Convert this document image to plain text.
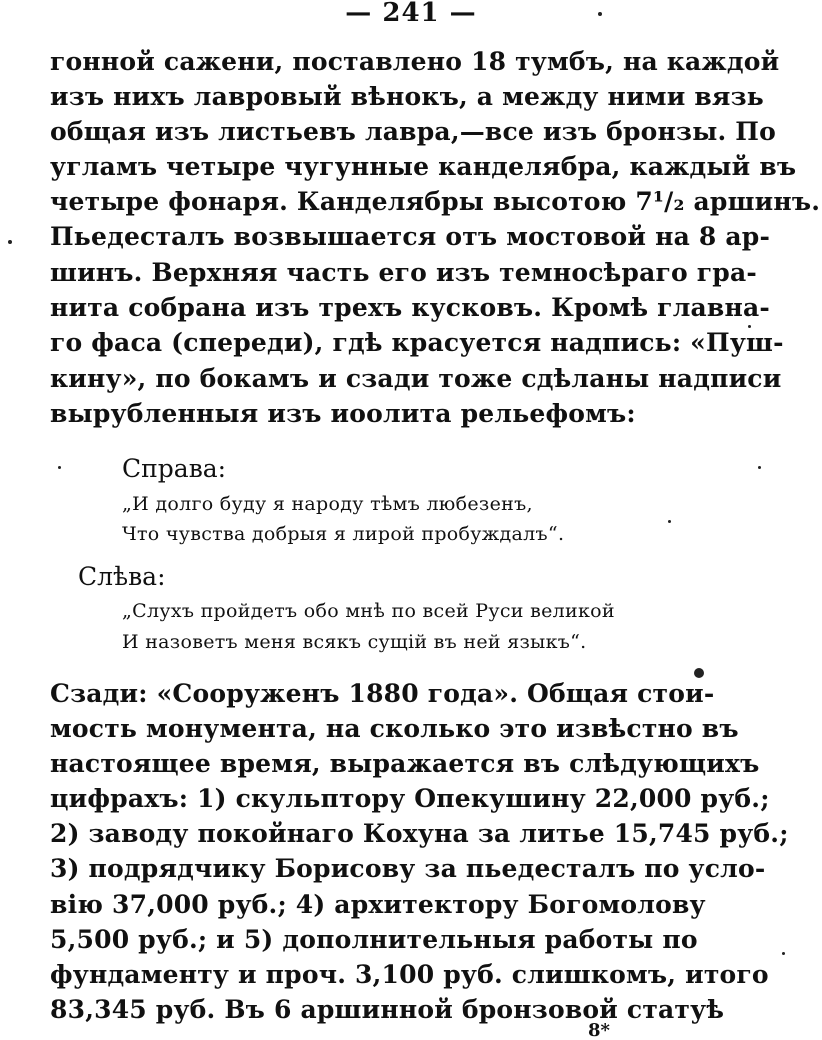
— 241 —
гонной сажени, поставлено 18 тумбъ, на каждой
изъ нихъ лавровый вѣнокъ, а между ними вязь
общая изъ листьевъ лавра,—все изъ бронзы. По
угламъ четыре чугунные канделябра, каждый въ
четыре фонаря. Канделябры высотою 7¹/₂ аршинъ.
Пьедесталъ возвышается отъ мостовой на 8 ар-
шинъ. Верхняя часть его изъ темносѣраго гра-
нита собрана изъ трехъ кусковъ. Кромѣ главна-
го фаса (спереди), гдѣ красуется надпись: «Пуш-
кину», по бокамъ и сзади тоже сдѣланы надписи
вырубленныя изъ иоолита рельефомъ:
Справа:
„И долго буду я народу тѣмъ любезенъ,
Что чувства добрыя я лирой пробуждалъ“.
Слѣва:
„Слухъ пройдетъ обо мнѣ по всей Руси великой
И назоветъ меня всякъ сущій въ ней языкъ“.
Сзади: «Сооруженъ 1880 года». Общая стои-
мость монумента, на сколько это извѣстно въ
настоящее время, выражается въ слѣдующихъ
цифрахъ: 1) скульптору Опекушину 22,000 руб.;
2) заводу покойнаго Кохуна за литье 15,745 руб.;
3) подрядчику Борисову за пьедесталъ по усло-
вію 37,000 руб.; 4) архитектору Богомолову
5,500 руб.; и 5) дополнительныя работы по
фундаменту и проч. 3,100 руб. слишкомъ, итого
83,345 руб. Въ 6 аршинной бронзовой статуѣ
8*
